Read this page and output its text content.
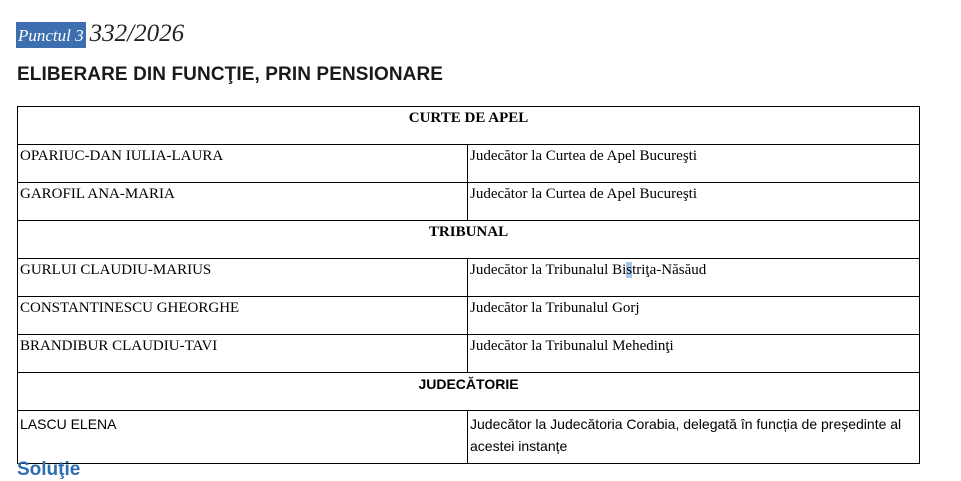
Punctul 3 332/2026
ELIBERARE DIN FUNCŢIE, PRIN PENSIONARE
CURTE DE APEL	
OPARIUC-DAN IULIA-LAURA	Judecător la Curtea de Apel Bucureşti
GAROFIL ANA-MARIA	Judecător la Curtea de Apel Bucureşti
TRIBUNAL	
GURLUI CLAUDIU-MARIUS	Judecător la Tribunalul Bistriţa-Năsăud
CONSTANTINESCU GHEORGHE	Judecător la Tribunalul Gorj
BRANDIBUR CLAUDIU-TAVI	Judecător la Tribunalul Mehedinţi
JUDECĂTORIE	
LASCU ELENA	Judecător la Judecătoria Corabia, delegată în funcția de președinte al acestei instanțe
Soluţie
